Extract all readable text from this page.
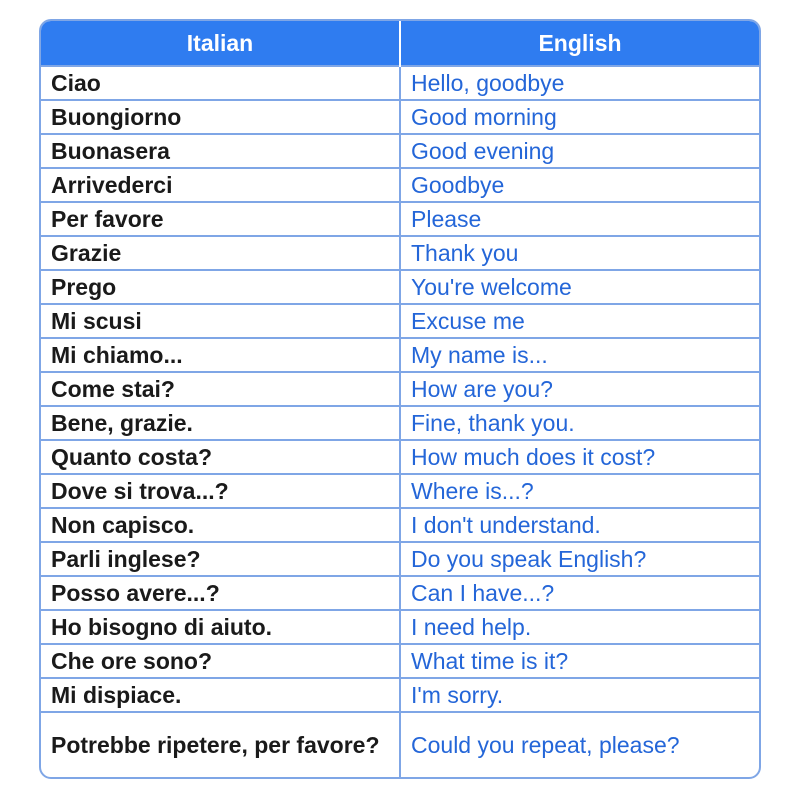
Italian	English
Ciao	Hello, goodbye
Buongiorno	Good morning
Buonasera	Good evening
Arrivederci	Goodbye
Per favore	Please
Grazie	Thank you
Prego	You're welcome
Mi scusi	Excuse me
Mi chiamo...	My name is...
Come stai?	How are you?
Bene, grazie.	Fine, thank you.
Quanto costa?	How much does it cost?
Dove si trova...?	Where is...?
Non capisco.	I don't understand.
Parli inglese?	Do you speak English?
Posso avere...?	Can I have...?
Ho bisogno di aiuto.	I need help.
Che ore sono?	What time is it?
Mi dispiace.	I'm sorry.
Potrebbe ripetere, per favore?	Could you repeat, please?
